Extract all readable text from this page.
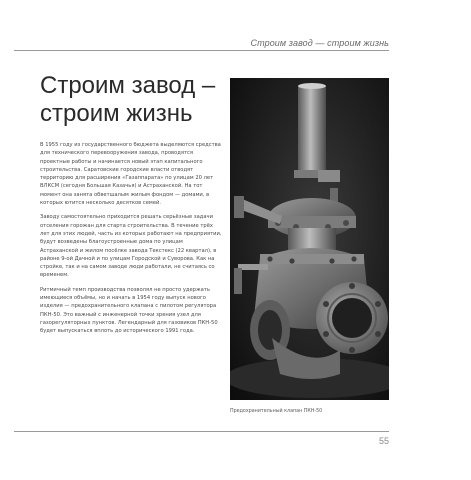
Строим завод — строим жизнь
Строим завод –
строим жизнь

В 1955 году из государственного бюджета выделяются средства для технического перевооружения завода, проводятся проектные работы и начинается новый этап капитального строительства. Саратовские городские власти отводят территорию для расширения «Газаппарата» по улицам 20 лет ВЛКСМ (сегодня Большая Казачья) и Астраханской. На тот момент она занята обветшалым жилым фондом — домами, в которых ютится несколько десятков семей.

Заводу самостоятельно приходится решать серьёзные задачи отселения горожан для старта строительства. В течение трёх лет для этих людей, часть из которых работают на предприятии, будут возведены благоустроенные дома по улицам Астраханской и жилом посёлке завода Текстекс (22 квартал), в районе 9-ой Дачной и по улицам Городской и Суворова. Как на стройке, так и на самом заводе люди работали, не считаясь со временем.

Ритмичный темп производства позволял не просто удержать имеющиеся объёмы, но и начать в 1954 году выпуск нового изделия — предохранительного клапана с пилотом регулятора ПКН-50. Это важный с инженерной точки зрения узел для газорегуляторных пунктов. Легендарный для газовиков ПКН-50 будет выпускаться вплоть до исторического 1991 года.

Предохранительный клапан ПКН-50
55
